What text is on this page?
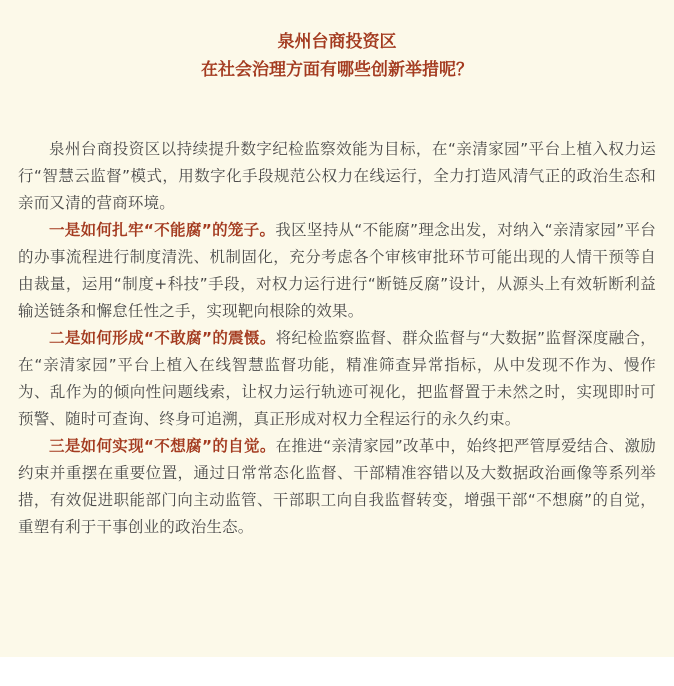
泉州台商投资区
在社会治理方面有哪些创新举措呢？

泉州台商投资区以持续提升数字纪检监察效能为目标，在“亲清家园”平台上植入权力运行“智慧云监督”模式，用数字化手段规范公权力在线运行，全力打造风清气正的政治生态和亲而又清的营商环境。

一是如何扎牢“不能腐”的笼子。我区坚持从“不能腐”理念出发，对纳入“亲清家园”平台的办事流程进行制度清洗、机制固化，充分考虑各个审核审批环节可能出现的人情干预等自由裁量，运用“制度+科技”手段，对权力运行进行“断链反腐”设计，从源头上有效斩断利益输送链条和懈怠任性之手，实现靶向根除的效果。

二是如何形成“不敢腐”的震慑。将纪检监察监督、群众监督与“大数据”监督深度融合，在“亲清家园”平台上植入在线智慧监督功能，精准筛查异常指标，从中发现不作为、慢作为、乱作为的倾向性问题线索，让权力运行轨迹可视化，把监督置于未然之时，实现即时可预警、随时可查询、终身可追溯，真正形成对权力全程运行的永久约束。

三是如何实现“不想腐”的自觉。在推进“亲清家园”改革中，始终把严管厚爱结合、激励约束并重摆在重要位置，通过日常常态化监督、干部精准容错以及大数据政治画像等系列举措，有效促进职能部门向主动监管、干部职工向自我监督转变，增强干部“不想腐”的自觉，重塑有利于干事创业的政治生态。
